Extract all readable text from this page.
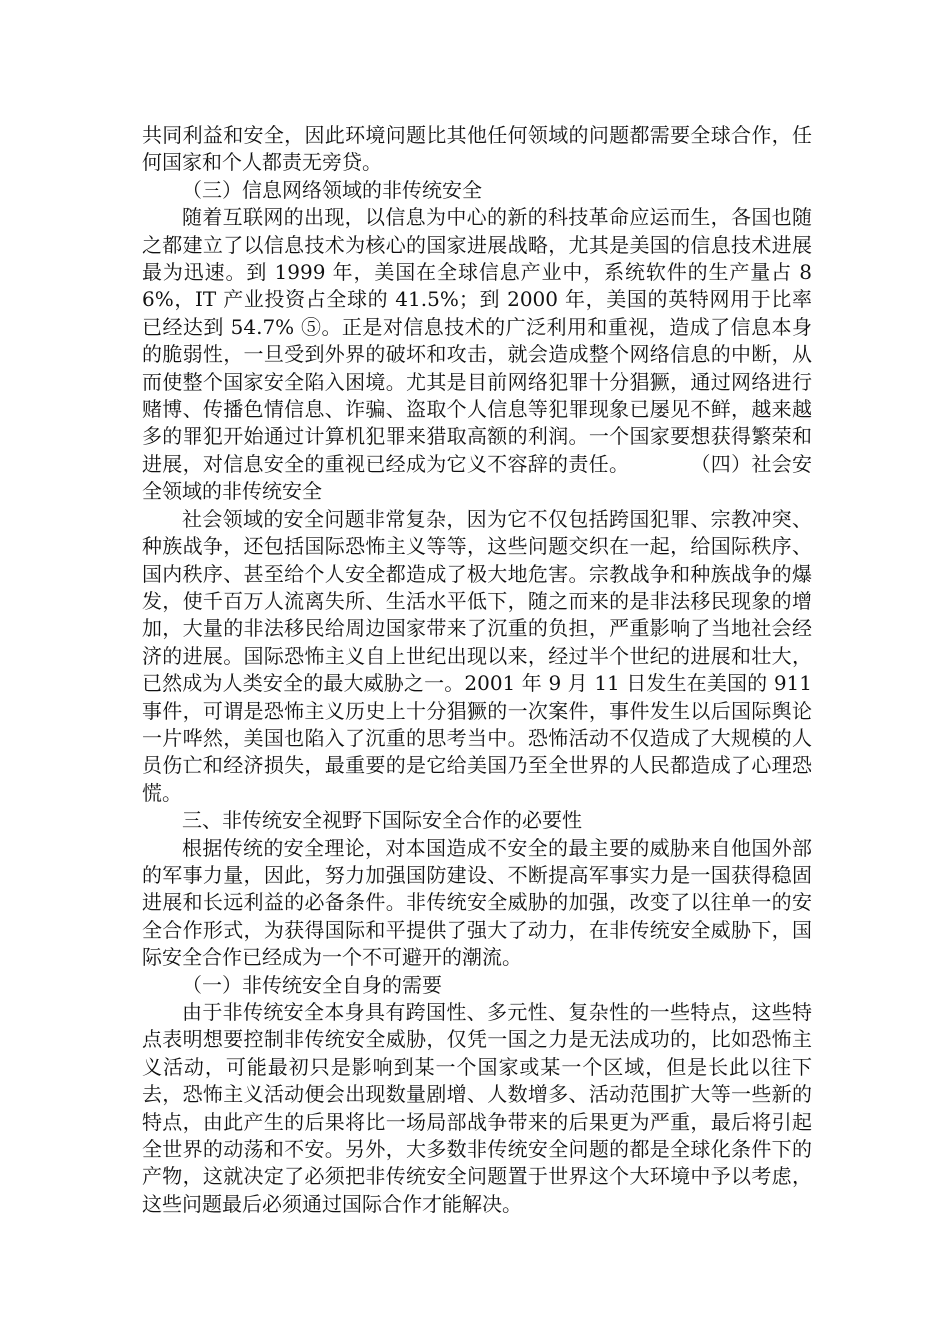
共同利益和安全，因此环境问题比其他任何领域的问题都需要全球合作，任何国家和个人都责无旁贷。

（三）信息网络领域的非传统安全

随着互联网的出现，以信息为中心的新的科技革命应运而生，各国也随之都建立了以信息技术为核心的国家进展战略，尤其是美国的信息技术进展最为迅速。到 1999 年，美国在全球信息产业中，系统软件的生产量占 86%，IT 产业投资占全球的 41.5%；到 2000 年，美国的英特网用于比率已经达到 54.7% ⑤。正是对信息技术的广泛利用和重视，造成了信息本身的脆弱性，一旦受到外界的破坏和攻击，就会造成整个网络信息的中断，从而使整个国家安全陷入困境。尤其是目前网络犯罪十分猖獗，通过网络进行赌博、传播色情信息、诈骗、盗取个人信息等犯罪现象已屡见不鲜，越来越多的罪犯开始通过计算机犯罪来猎取高额的利润。一个国家要想获得繁荣和进展，对信息安全的重视已经成为它义不容辞的责任。　　　　（四）社会安全领域的非传统安全

社会领域的安全问题非常复杂，因为它不仅包括跨国犯罪、宗教冲突、种族战争，还包括国际恐怖主义等等，这些问题交织在一起，给国际秩序、国内秩序、甚至给个人安全都造成了极大地危害。宗教战争和种族战争的爆发，使千百万人流离失所、生活水平低下，随之而来的是非法移民现象的增加，大量的非法移民给周边国家带来了沉重的负担，严重影响了当地社会经济的进展。国际恐怖主义自上世纪出现以来，经过半个世纪的进展和壮大，已然成为人类安全的最大威胁之一。2001 年 9 月 11 日发生在美国的 911 事件，可谓是恐怖主义历史上十分猖獗的一次案件，事件发生以后国际舆论一片哗然，美国也陷入了沉重的思考当中。恐怖活动不仅造成了大规模的人员伤亡和经济损失，最重要的是它给美国乃至全世界的人民都造成了心理恐慌。

三、非传统安全视野下国际安全合作的必要性

根据传统的安全理论，对本国造成不安全的最主要的威胁来自他国外部的军事力量，因此，努力加强国防建设、不断提高军事实力是一国获得稳固进展和长远利益的必备条件。非传统安全威胁的加强，改变了以往单一的安全合作形式，为获得国际和平提供了强大了动力，在非传统安全威胁下，国际安全合作已经成为一个不可避开的潮流。

（一）非传统安全自身的需要

由于非传统安全本身具有跨国性、多元性、复杂性的一些特点，这些特点表明想要控制非传统安全威胁，仅凭一国之力是无法成功的，比如恐怖主义活动，可能最初只是影响到某一个国家或某一个区域，但是长此以往下去，恐怖主义活动便会出现数量剧增、人数增多、活动范围扩大等一些新的特点，由此产生的后果将比一场局部战争带来的后果更为严重，最后将引起全世界的动荡和不安。另外，大多数非传统安全问题的都是全球化条件下的产物，这就决定了必须把非传统安全问题置于世界这个大环境中予以考虑，这些问题最后必须通过国际合作才能解决。
